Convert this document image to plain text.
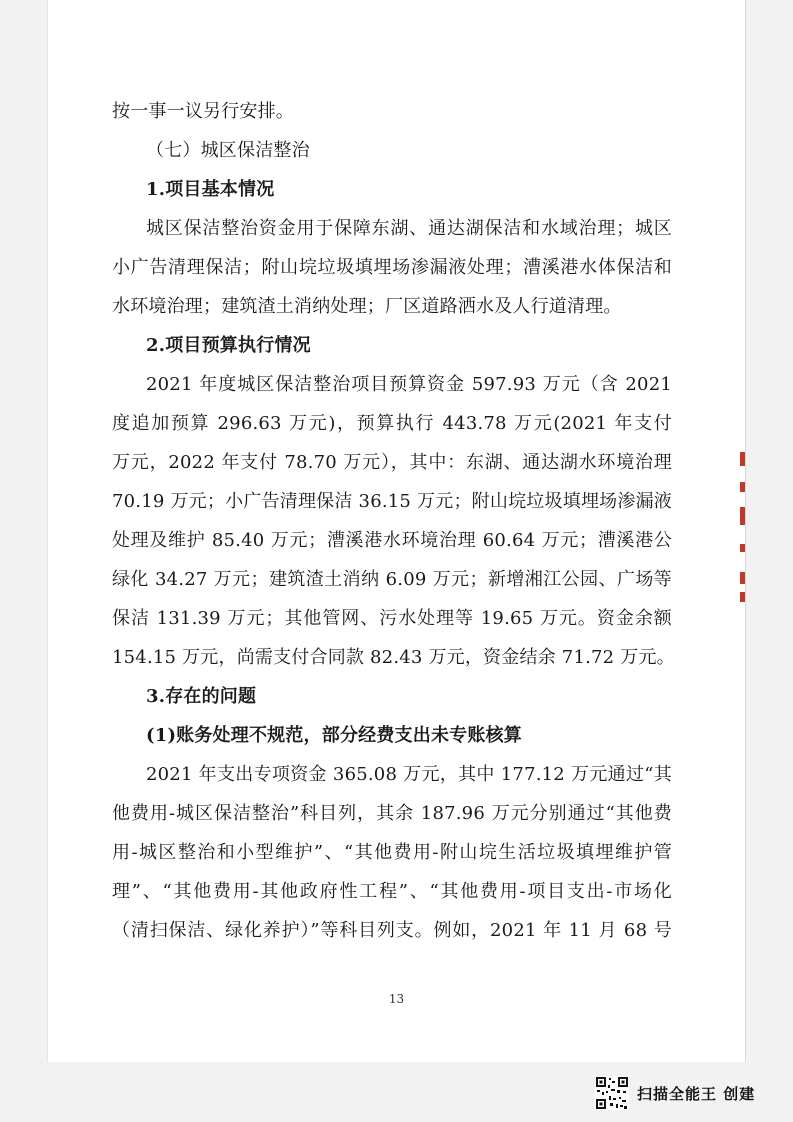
按一事一议另行安排。
（七）城区保洁整治
1.项目基本情况
城区保洁整治资金用于保障东湖、通达湖保洁和水域治理；城区
小广告清理保洁；附山垸垃圾填埋场渗漏液处理；漕溪港水体保洁和
水环境治理；建筑渣土消纳处理；厂区道路洒水及人行道清理。
2.项目预算执行情况
2021 年度城区保洁整治项目预算资金 597.93 万元（含 2021
度追加预算 296.63 万元)，预算执行 443.78 万元(2021 年支付
万元，2022 年支付 78.70 万元），其中：东湖、通达湖水环境治理
70.19 万元；小广告清理保洁 36.15 万元；附山垸垃圾填埋场渗漏液
处理及维护 85.40 万元；漕溪港水环境治理 60.64 万元；漕溪港公
绿化 34.27 万元；建筑渣土消纳 6.09 万元；新增湘江公园、广场等
保洁 131.39 万元；其他管网、污水处理等 19.65 万元。资金余额
154.15 万元，尚需支付合同款 82.43 万元，资金结余 71.72 万元。
3.存在的问题
(1)账务处理不规范，部分经费支出未专账核算
2021 年支出专项资金 365.08 万元，其中 177.12 万元通过“其
他费用-城区保洁整治”科目列，其余 187.96 万元分别通过“其他费
用-城区整治和小型维护”、“其他费用-附山垸生活垃圾填埋维护管
理”、“其他费用-其他政府性工程”、“其他费用-项目支出-市场化
（清扫保洁、绿化养护）”等科目列支。例如，2021 年 11 月 68 号
13
扫描全能王 创建
